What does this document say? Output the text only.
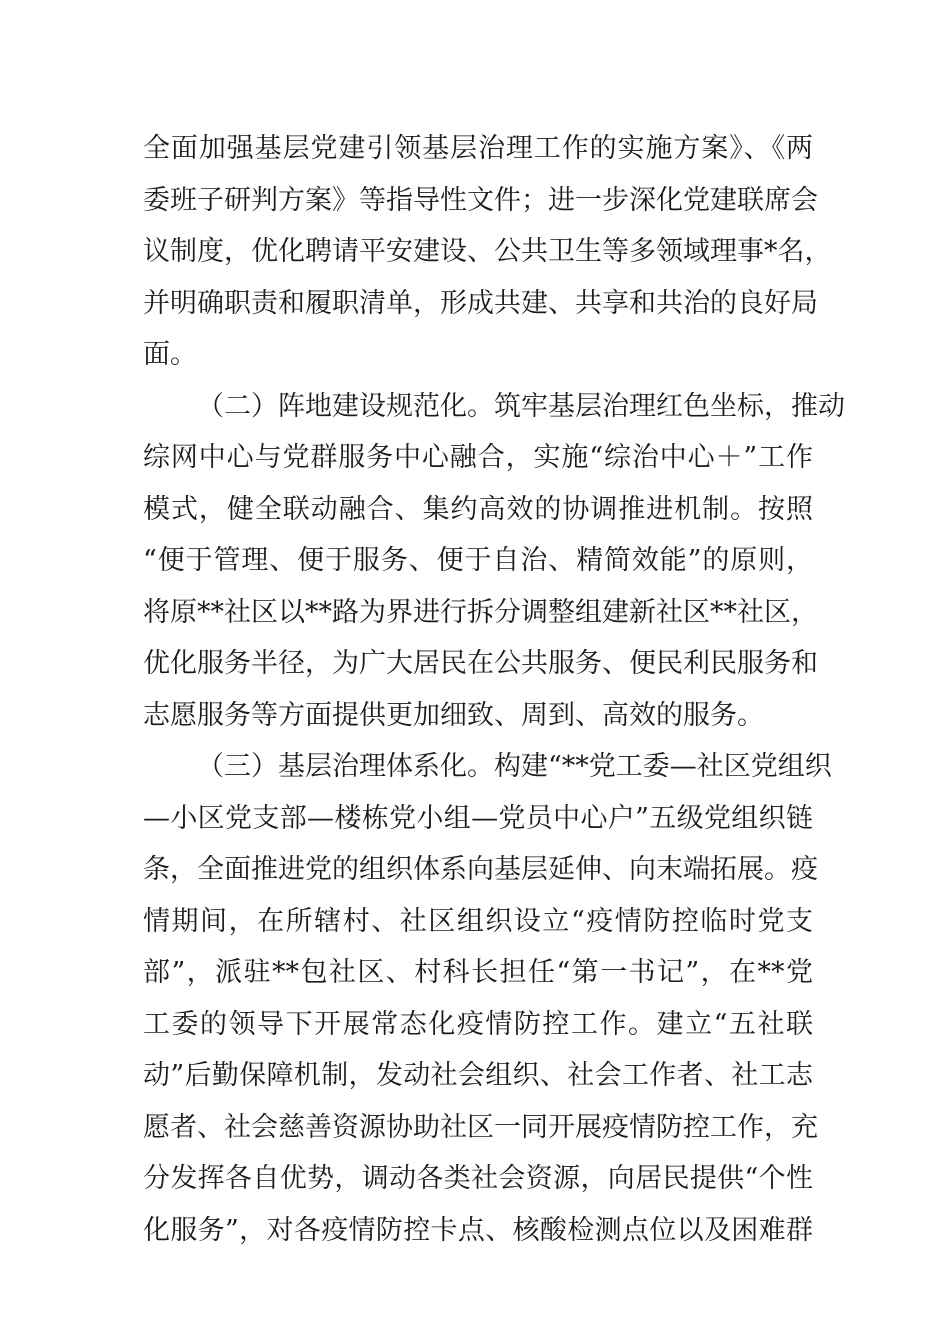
全面加强基层党建引领基层治理工作的实施方案》、《两
委班子研判方案》等指导性文件；进一步深化党建联席会
议制度，优化聘请平安建设、公共卫生等多领域理事*名，
并明确职责和履职清单，形成共建、共享和共治的良好局
面。
（二）阵地建设规范化。筑牢基层治理红色坐标，推动
综网中心与党群服务中心融合，实施“综治中心＋”工作
模式，健全联动融合、集约高效的协调推进机制。按照
“便于管理、便于服务、便于自治、精简效能”的原则，
将原**社区以**路为界进行拆分调整组建新社区**社区，
优化服务半径，为广大居民在公共服务、便民利民服务和
志愿服务等方面提供更加细致、周到、高效的服务。
（三）基层治理体系化。构建“**党工委—社区党组织
—小区党支部—楼栋党小组—党员中心户”五级党组织链
条，全面推进党的组织体系向基层延伸、向末端拓展。疫
情期间，在所辖村、社区组织设立“疫情防控临时党支
部”，派驻**包社区、村科长担任“第一书记”，在**党
工委的领导下开展常态化疫情防控工作。建立“五社联
动”后勤保障机制，发动社会组织、社会工作者、社工志
愿者、社会慈善资源协助社区一同开展疫情防控工作，充
分发挥各自优势，调动各类社会资源，向居民提供“个性
化服务”，对各疫情防控卡点、核酸检测点位以及困难群
